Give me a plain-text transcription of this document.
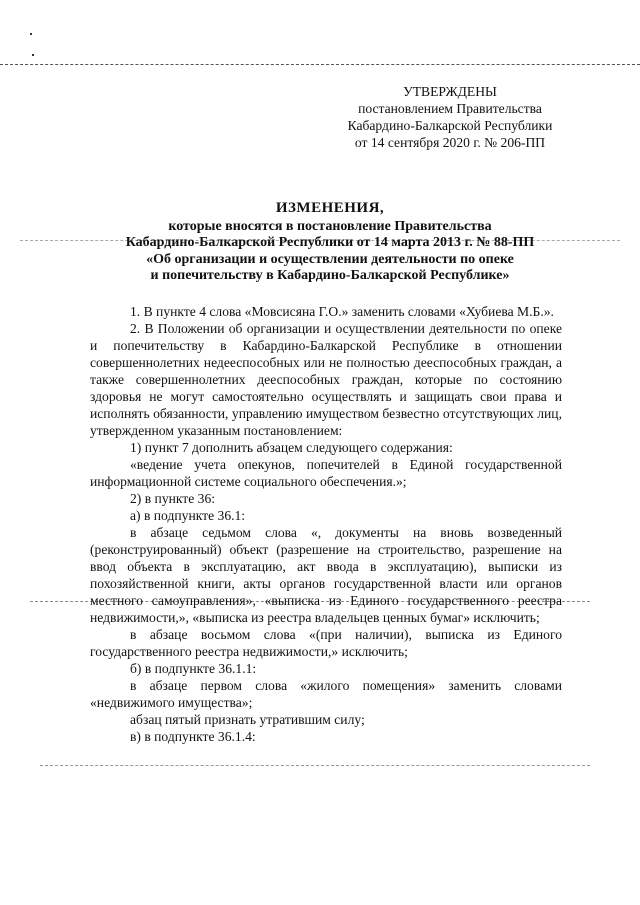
УТВЕРЖДЕНЫ
постановлением Правительства
Кабардино-Балкарской Республики
от 14 сентября 2020 г. № 206-ПП
ИЗМЕНЕНИЯ,
которые вносятся в постановление Правительства
Кабардино-Балкарской Республики от 14 марта 2013 г. № 88-ПП
«Об организации и осуществлении деятельности по опеке
и попечительству в Кабардино-Балкарской Республике»

1. В пункте 4 слова «Мовсисяна Г.О.» заменить словами «Хубиева М.Б.».

2. В Положении об организации и осуществлении деятельности по опеке и попечительству в Кабардино-Балкарской Республике в отношении совершеннолетних недееспособных или не полностью дееспособных граждан, а также совершеннолетних дееспособных граждан, которые по состоянию здоровья не могут самостоятельно осуществлять и защищать свои права и исполнять обязанности, управлению имуществом безвестно отсутствующих лиц, утвержденном указанным постановлением:

1) пункт 7 дополнить абзацем следующего содержания:

«ведение учета опекунов, попечителей в Единой государственной информационной системе социального обеспечения.»;

2) в пункте 36:

а) в подпункте 36.1:

в абзаце седьмом слова «, документы на вновь возведенный (реконструированный) объект (разрешение на строительство, разрешение на ввод объекта в эксплуатацию, акт ввода в эксплуатацию), выписки из похозяйственной книги, акты органов государственной власти или органов местного самоуправления», «выписка из Единого государственного реестра недвижимости,», «выписка из реестра владельцев ценных бумаг» исключить;

в абзаце восьмом слова «(при наличии), выписка из Единого государственного реестра недвижимости,» исключить;

б) в подпункте 36.1.1:

в абзаце первом слова «жилого помещения» заменить словами «недвижимого имущества»;

абзац пятый признать утратившим силу;

в) в подпункте 36.1.4:
